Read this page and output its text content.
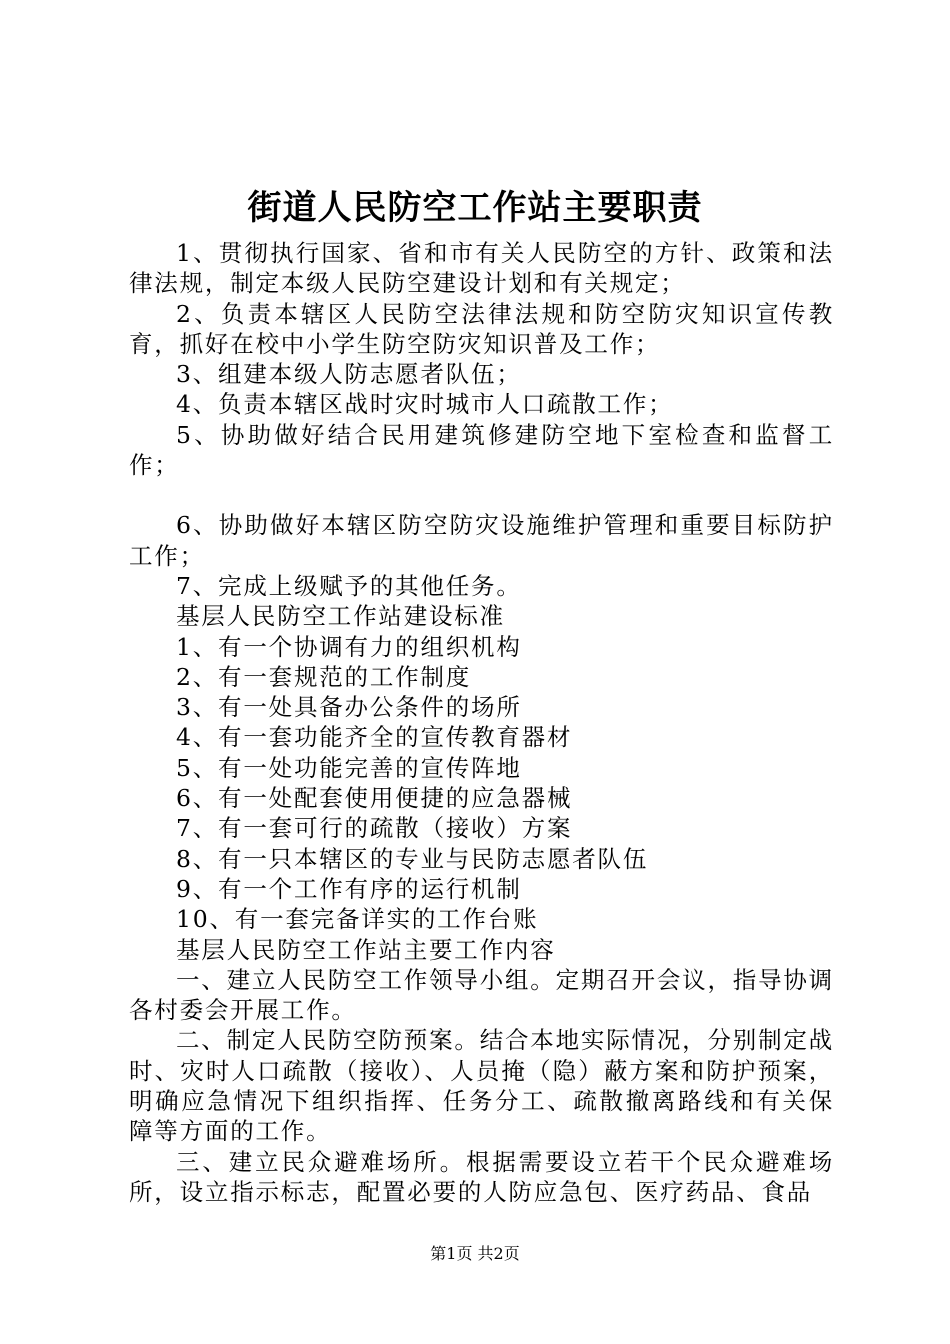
街道人民防空工作站主要职责

1、贯彻执行国家、省和市有关人民防空的方针、政策和法律法规，制定本级人民防空建设计划和有关规定；

2、负责本辖区人民防空法律法规和防空防灾知识宣传教育，抓好在校中小学生防空防灾知识普及工作；

3、组建本级人防志愿者队伍；

4、负责本辖区战时灾时城市人口疏散工作；

5、协助做好结合民用建筑修建防空地下室检查和监督工作；

6、协助做好本辖区防空防灾设施维护管理和重要目标防护工作；

7、完成上级赋予的其他任务。

基层人民防空工作站建设标准

1、有一个协调有力的组织机构

2、有一套规范的工作制度

3、有一处具备办公条件的场所

4、有一套功能齐全的宣传教育器材

5、有一处功能完善的宣传阵地

6、有一处配套使用便捷的应急器械

7、有一套可行的疏散（接收）方案

8、有一只本辖区的专业与民防志愿者队伍

9、有一个工作有序的运行机制

10、有一套完备详实的工作台账

基层人民防空工作站主要工作内容

一、建立人民防空工作领导小组。定期召开会议，指导协调各村委会开展工作。

二、制定人民防空防预案。结合本地实际情况，分别制定战时、灾时人口疏散（接收）、人员掩（隐）蔽方案和防护预案，明确应急情况下组织指挥、任务分工、疏散撤离路线和有关保障等方面的工作。

三、建立民众避难场所。根据需要设立若干个民众避难场所，设立指示标志，配置必要的人防应急包、医疗药品、食品

第1页 共2页
